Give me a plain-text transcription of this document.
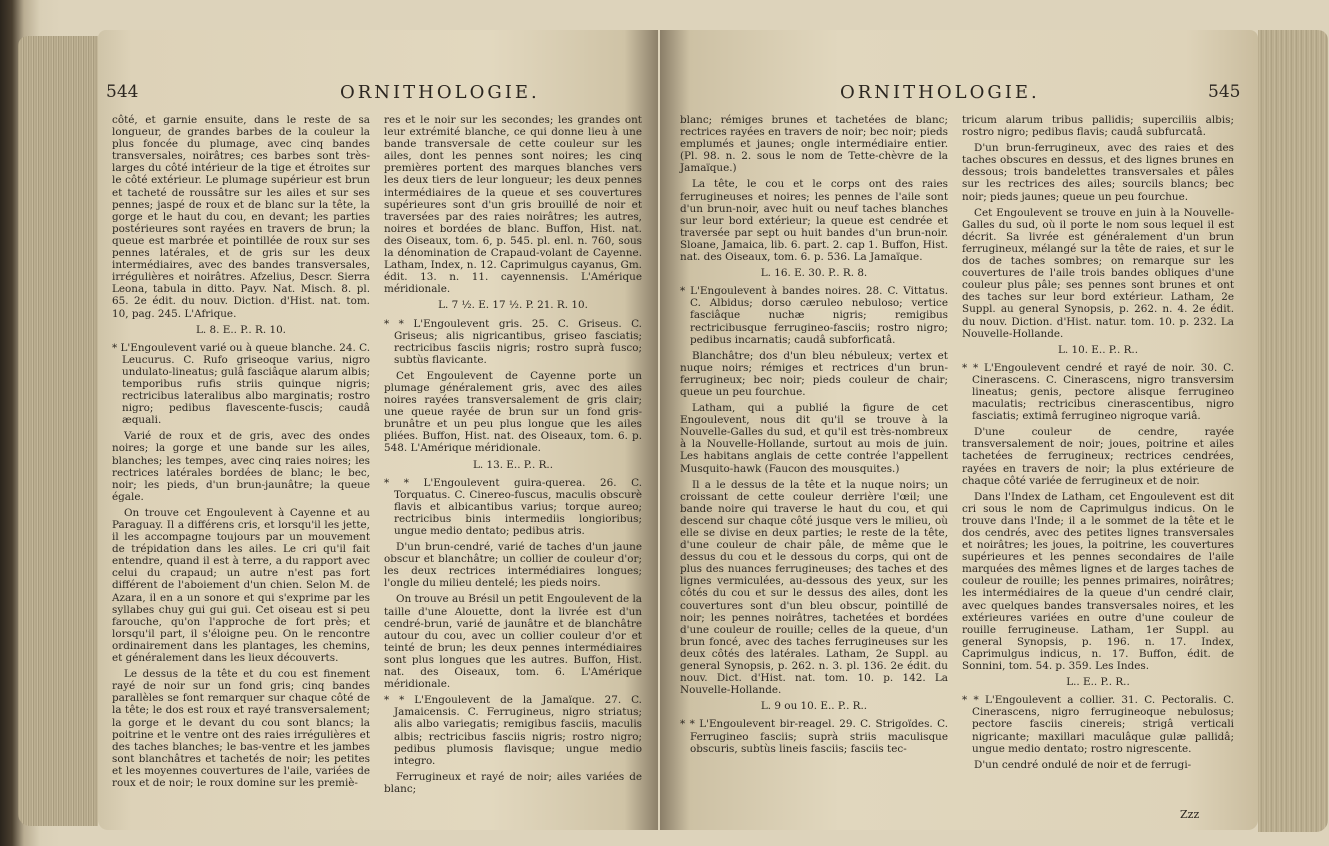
544	ORNITHOLOGIE.

côté, et garnie ensuite, dans le reste de sa longueur, de grandes barbes de la couleur la plus foncée du plumage, avec cinq bandes transversales, noirâtres; ces barbes sont très-larges du côté intérieur de la tige et étroites sur le côté extérieur. Le plumage supérieur est brun et tacheté de roussâtre sur les ailes et sur ses pennes; jaspé de roux et de blanc sur la tête, la gorge et le haut du cou, en devant; les parties postérieures sont rayées en travers de brun; la queue est marbrée et pointillée de roux sur ses pennes latérales, et de gris sur les deux intermédiaires, avec des bandes transversales, irrégulières et noirâtres. Afzelius, Descr. Sierra Leona, tabula in ditto. Payv. Nat. Misch. 8. pl. 65. 2e édit. du nouv. Diction. d'Hist. nat. tom. 10, pag. 245. L'Afrique.

L. 8. E.. P.. R. 10.

* L'Engoulevent varié ou à queue blanche. 24. C. Leucurus. C. Rufo griseoque varius, nigro undulato-lineatus; gulâ fasciâque alarum albis; temporibus rufis striis quinque nigris; rectricibus lateralibus albo marginatis; rostro nigro; pedibus flavescente-fuscis; caudâ æquali.

Varié de roux et de gris, avec des ondes noires; la gorge et une bande sur les ailes, blanches; les tempes, avec cinq raies noires; les rectrices latérales bordées de blanc; le bec, noir; les pieds, d'un brun-jaunâtre; la queue égale.

On trouve cet Engoulevent à Cayenne et au Paraguay. Il a différens cris, et lorsqu'il les jette, il les accompagne toujours par un mouvement de trépidation dans les ailes. Le cri qu'il fait entendre, quand il est à terre, a du rapport avec celui du crapaud; un autre n'est pas fort différent de l'aboiement d'un chien. Selon M. de Azara, il en a un sonore et qui s'exprime par les syllabes chuy gui gui gui. Cet oiseau est si peu farouche, qu'on l'approche de fort près; et lorsqu'il part, il s'éloigne peu. On le rencontre ordinairement dans les plantages, les chemins, et généralement dans les lieux découverts.

Le dessus de la tête et du cou est finement rayé de noir sur un fond gris; cinq bandes parallèles se font remarquer sur chaque côté de la tête; le dos est roux et rayé transversalement; la gorge et le devant du cou sont blancs; la poitrine et le ventre ont des raies irrégulières et des taches blanches; le bas-ventre et les jambes sont blanchâtres et tachetés de noir; les petites et les moyennes couvertures de l'aile, variées de roux et de noir; le roux domine sur les premiè-

res et le noir sur les secondes; les grandes ont leur extrémité blanche, ce qui donne lieu à une bande transversale de cette couleur sur les ailes, dont les pennes sont noires; les cinq premières portent des marques blanches vers les deux tiers de leur longueur; les deux pennes intermédiaires de la queue et ses couvertures supérieures sont d'un gris brouillé de noir et traversées par des raies noirâtres; les autres, noires et bordées de blanc. Buffon, Hist. nat. des Oiseaux, tom. 6, p. 545. pl. enl. n. 760, sous la dénomination de Crapaud-volant de Cayenne. Latham, Index, n. 12. Caprimulgus cayanus, Gm. édit. 13. n. 11. cayennensis. L'Amérique méridionale.

L. 7 ½. E. 17 ½. P. 21. R. 10.

* * L'Engoulevent gris. 25. C. Griseus. C. Griseus; alis nigricantibus, griseo fasciatis; rectricibus fasciis nigris; rostro suprà fusco; subtùs flavicante.

Cet Engoulevent de Cayenne porte un plumage généralement gris, avec des ailes noires rayées transversalement de gris clair; une queue rayée de brun sur un fond gris-brunâtre et un peu plus longue que les ailes pliées. Buffon, Hist. nat. des Oiseaux, tom. 6. p. 548. L'Amérique méridionale.

L. 13. E.. P.. R..

* * L'Engoulevent guira-querea. 26. C. Torquatus. C. Cinereo-fuscus, maculis obscurè flavis et albicantibus varius; torque aureo; rectricibus binis intermediis longioribus; ungue medio dentato; pedibus atris.

D'un brun-cendré, varié de taches d'un jaune obscur et blanchâtre; un collier de couleur d'or; les deux rectrices intermédiaires longues; l'ongle du milieu dentelé; les pieds noirs.

On trouve au Brésil un petit Engoulevent de la taille d'une Alouette, dont la livrée est d'un cendré-brun, varié de jaunâtre et de blanchâtre autour du cou, avec un collier couleur d'or et teinté de brun; les deux pennes intermédiaires sont plus longues que les autres. Buffon, Hist. nat. des Oiseaux, tom. 6. L'Amérique méridionale.

* * L'Engoulevent de la Jamaïque. 27. C. Jamaicensis. C. Ferrugineus, nigro striatus; alis albo variegatis; remigibus fasciis, maculis albis; rectricibus fasciis nigris; rostro nigro; pedibus plumosis flavisque; ungue medio integro.

Ferrugineux et rayé de noir; ailes variées de blanc;

ORNITHOLOGIE.	545

blanc; rémiges brunes et tachetées de blanc; rectrices rayées en travers de noir; bec noir; pieds emplumés et jaunes; ongle intermédiaire entier. (Pl. 98. n. 2. sous le nom de Tette-chèvre de la Jamaïque.)

La tête, le cou et le corps ont des raies ferrugineuses et noires; les pennes de l'aile sont d'un brun-noir, avec huit ou neuf taches blanches sur leur bord extérieur; la queue est cendrée et traversée par sept ou huit bandes d'un brun-noir. Sloane, Jamaica, lib. 6. part. 2. cap 1. Buffon, Hist. nat. des Oiseaux, tom. 6. p. 536. La Jamaïque.

L. 16. E. 30. P.. R. 8.

* L'Engoulevent à bandes noires. 28. C. Vittatus. C. Albidus; dorso cæruleo nebuloso; vertice fasciâque nuchæ nigris; remigibus rectricibusque ferrugineo-fasciis; rostro nigro; pedibus incarnatis; caudâ subforficatâ.

Blanchâtre; dos d'un bleu nébuleux; vertex et nuque noirs; rémiges et rectrices d'un brun-ferrugineux; bec noir; pieds couleur de chair; queue un peu fourchue.

Latham, qui a publié la figure de cet Engoulevent, nous dit qu'il se trouve à la Nouvelle-Galles du sud, et qu'il est très-nombreux à la Nouvelle-Hollande, surtout au mois de juin. Les habitans anglais de cette contrée l'appellent Musquito-hawk (Faucon des mousquites.)

Il a le dessus de la tête et la nuque noirs; un croissant de cette couleur derrière l'œil; une bande noire qui traverse le haut du cou, et qui descend sur chaque côté jusque vers le milieu, où elle se divise en deux parties; le reste de la tête, d'une couleur de chair pâle, de même que le dessus du cou et le dessous du corps, qui ont de plus des nuances ferrugineuses; des taches et des lignes vermiculées, au-dessous des yeux, sur les côtés du cou et sur le dessus des ailes, dont les couvertures sont d'un bleu obscur, pointillé de noir; les pennes noirâtres, tachetées et bordées d'une couleur de rouille; celles de la queue, d'un brun foncé, avec des taches ferrugineuses sur les deux côtés des latérales. Latham, 2e Suppl. au general Synopsis, p. 262. n. 3. pl. 136. 2e édit. du nouv. Dict. d'Hist. nat. tom. 10. p. 142. La Nouvelle-Hollande.

L. 9 ou 10. E.. P.. R..

* * L'Engoulevent bir-reagel. 29. C. Strigoïdes. C. Ferrugineo fasciis; suprà striis maculisque obscuris, subtùs lineis fasciis; fasciis tec-

tricum alarum tribus pallidis; superciliis albis; rostro nigro; pedibus flavis; caudâ subfurcatâ.

D'un brun-ferrugineux, avec des raies et des taches obscures en dessus, et des lignes brunes en dessous; trois bandelettes transversales et pâles sur les rectrices des ailes; sourcils blancs; bec noir; pieds jaunes; queue un peu fourchue.

Cet Engoulevent se trouve en juin à la Nouvelle-Galles du sud, où il porte le nom sous lequel il est décrit. Sa livrée est généralement d'un brun ferrugineux, mélangé sur la tête de raies, et sur le dos de taches sombres; on remarque sur les couvertures de l'aile trois bandes obliques d'une couleur plus pâle; ses pennes sont brunes et ont des taches sur leur bord extérieur. Latham, 2e Suppl. au general Synopsis, p. 262. n. 4. 2e édit. du nouv. Diction. d'Hist. natur. tom. 10. p. 232. La Nouvelle-Hollande.

L. 10. E.. P.. R..

* * L'Engoulevent cendré et rayé de noir. 30. C. Cinerascens. C. Cinerascens, nigro transversim lineatus; genis, pectore alisque ferrugineo maculatis; rectricibus cinerascentibus, nigro fasciatis; extimâ ferrugineo nigroque variâ.

D'une couleur de cendre, rayée transversalement de noir; joues, poitrine et ailes tachetées de ferrugineux; rectrices cendrées, rayées en travers de noir; la plus extérieure de chaque côté variée de ferrugineux et de noir.

Dans l'Index de Latham, cet Engoulevent est dit cri sous le nom de Caprimulgus indicus. On le trouve dans l'Inde; il a le sommet de la tête et le dos cendrés, avec des petites lignes transversales et noirâtres; les joues, la poitrine, les couvertures supérieures et les pennes secondaires de l'aile marquées des mêmes lignes et de larges taches de couleur de rouille; les pennes primaires, noirâtres; les intermédiaires de la queue d'un cendré clair, avec quelques bandes transversales noires, et les extérieures variées en outre d'une couleur de rouille ferrugineuse. Latham, 1er Suppl. au general Synopsis, p. 196. n. 17. Index, Caprimulgus indicus, n. 17. Buffon, édit. de Sonnini, tom. 54. p. 359. Les Indes.

L.. E.. P.. R..

* * L'Engoulevent a collier. 31. C. Pectoralis. C. Cinerascens, nigro ferrugineoque nebulosus; pectore fasciis cinereis; strigâ verticali nigricante; maxillari maculâque gulæ pallidâ; ungue medio dentato; rostro nigrescente.

D'un cendré ondulé de noir et de ferrugi-

Zzz
